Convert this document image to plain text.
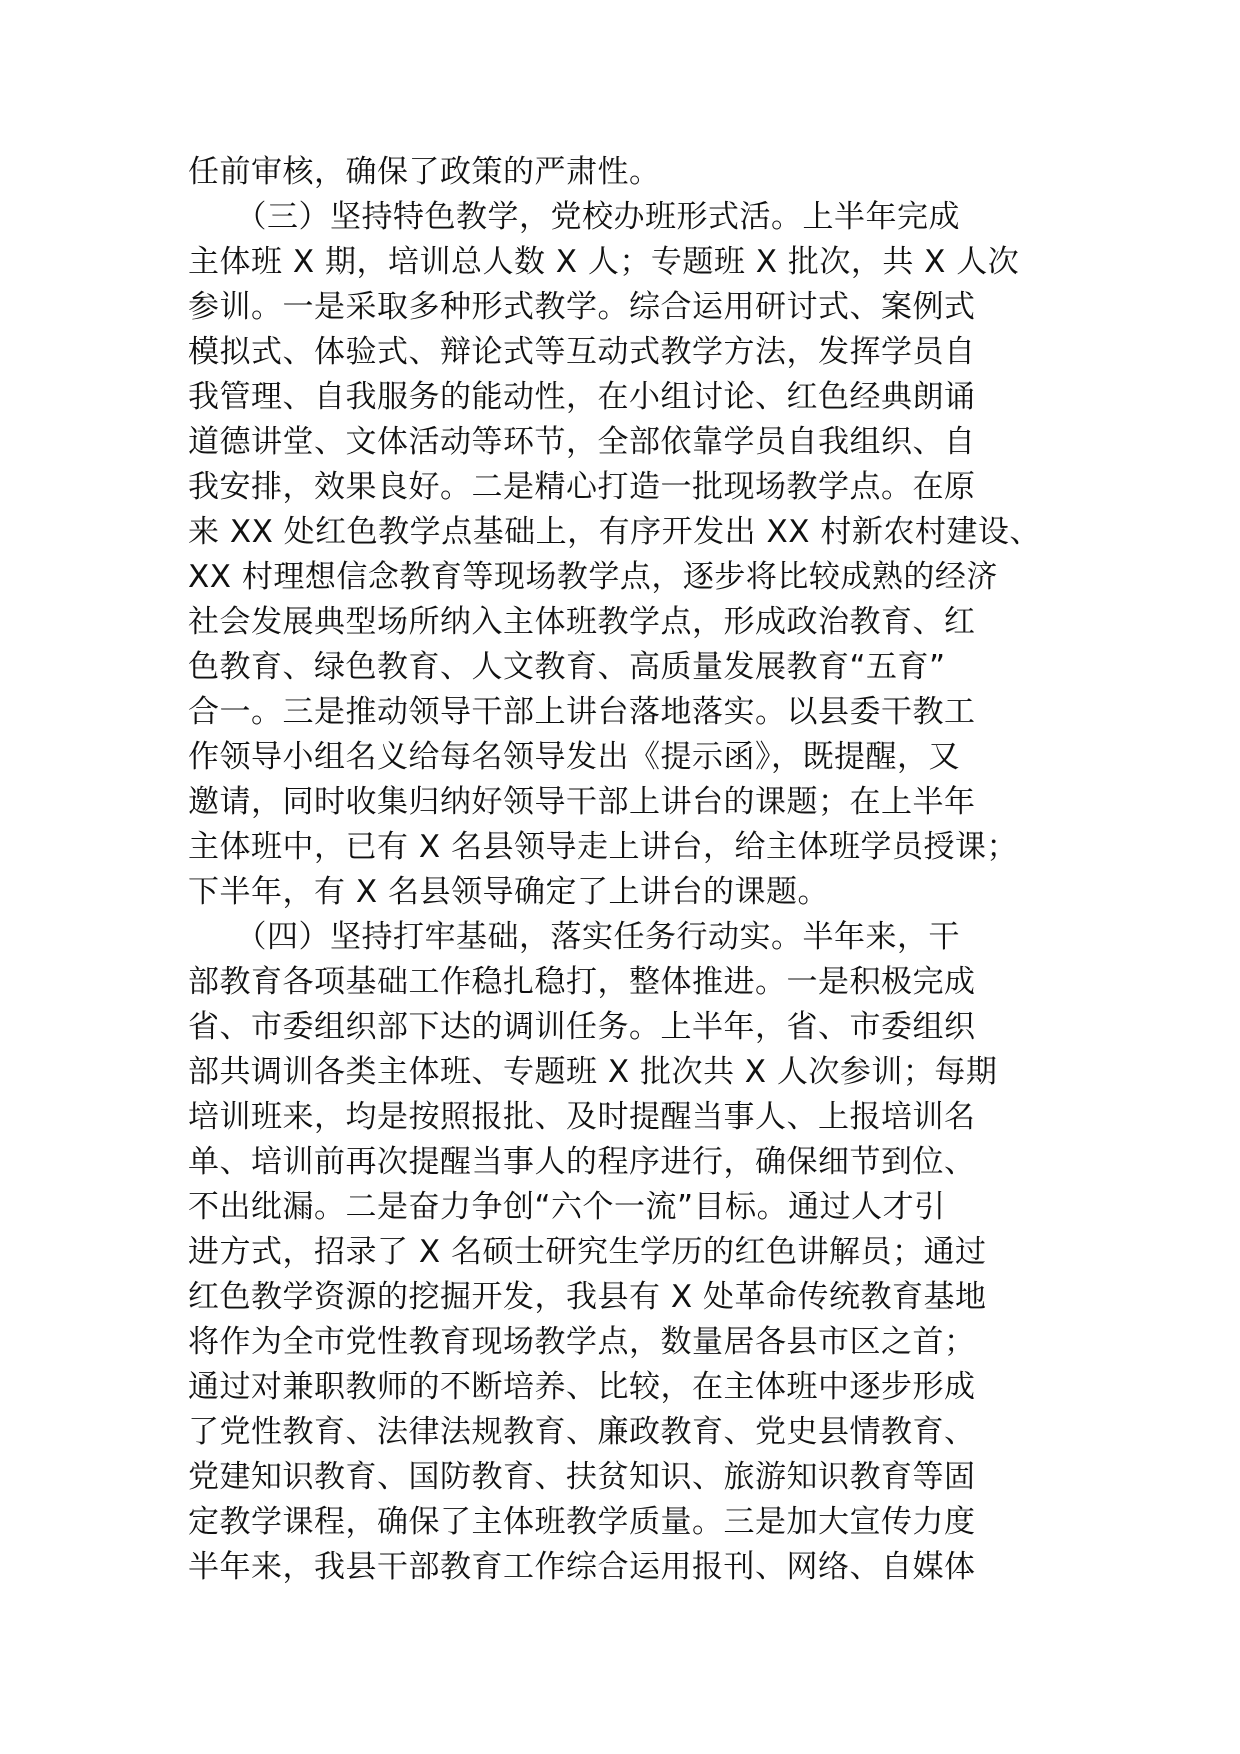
任前审核，确保了政策的严肃性。
　　（三）坚持特色教学，党校办班形式活。上半年完成
主体班 X 期，培训总人数 X 人；专题班 X 批次，共 X 人次
参训。一是采取多种形式教学。综合运用研讨式、案例式
模拟式、体验式、辩论式等互动式教学方法，发挥学员自
我管理、自我服务的能动性，在小组讨论、红色经典朗诵
道德讲堂、文体活动等环节，全部依靠学员自我组织、自
我安排，效果良好。二是精心打造一批现场教学点。在原
来 XX 处红色教学点基础上，有序开发出 XX 村新农村建设、
XX 村理想信念教育等现场教学点，逐步将比较成熟的经济
社会发展典型场所纳入主体班教学点，形成政治教育、红
色教育、绿色教育、人文教育、高质量发展教育“五育”
合一。三是推动领导干部上讲台落地落实。以县委干教工
作领导小组名义给每名领导发出《提示函》，既提醒，又
邀请，同时收集归纳好领导干部上讲台的课题；在上半年
主体班中，已有 X 名县领导走上讲台，给主体班学员授课；
下半年，有 X 名县领导确定了上讲台的课题。
　　（四）坚持打牢基础，落实任务行动实。半年来，干
部教育各项基础工作稳扎稳打，整体推进。一是积极完成
省、市委组织部下达的调训任务。上半年，省、市委组织
部共调训各类主体班、专题班 X 批次共 X 人次参训；每期
培训班来，均是按照报批、及时提醒当事人、上报培训名
单、培训前再次提醒当事人的程序进行，确保细节到位、
不出纰漏。二是奋力争创“六个一流”目标。通过人才引
进方式，招录了 X 名硕士研究生学历的红色讲解员；通过
红色教学资源的挖掘开发，我县有 X 处革命传统教育基地
将作为全市党性教育现场教学点，数量居各县市区之首；
通过对兼职教师的不断培养、比较，在主体班中逐步形成
了党性教育、法律法规教育、廉政教育、党史县情教育、
党建知识教育、国防教育、扶贫知识、旅游知识教育等固
定教学课程，确保了主体班教学质量。三是加大宣传力度
半年来，我县干部教育工作综合运用报刊、网络、自媒体
